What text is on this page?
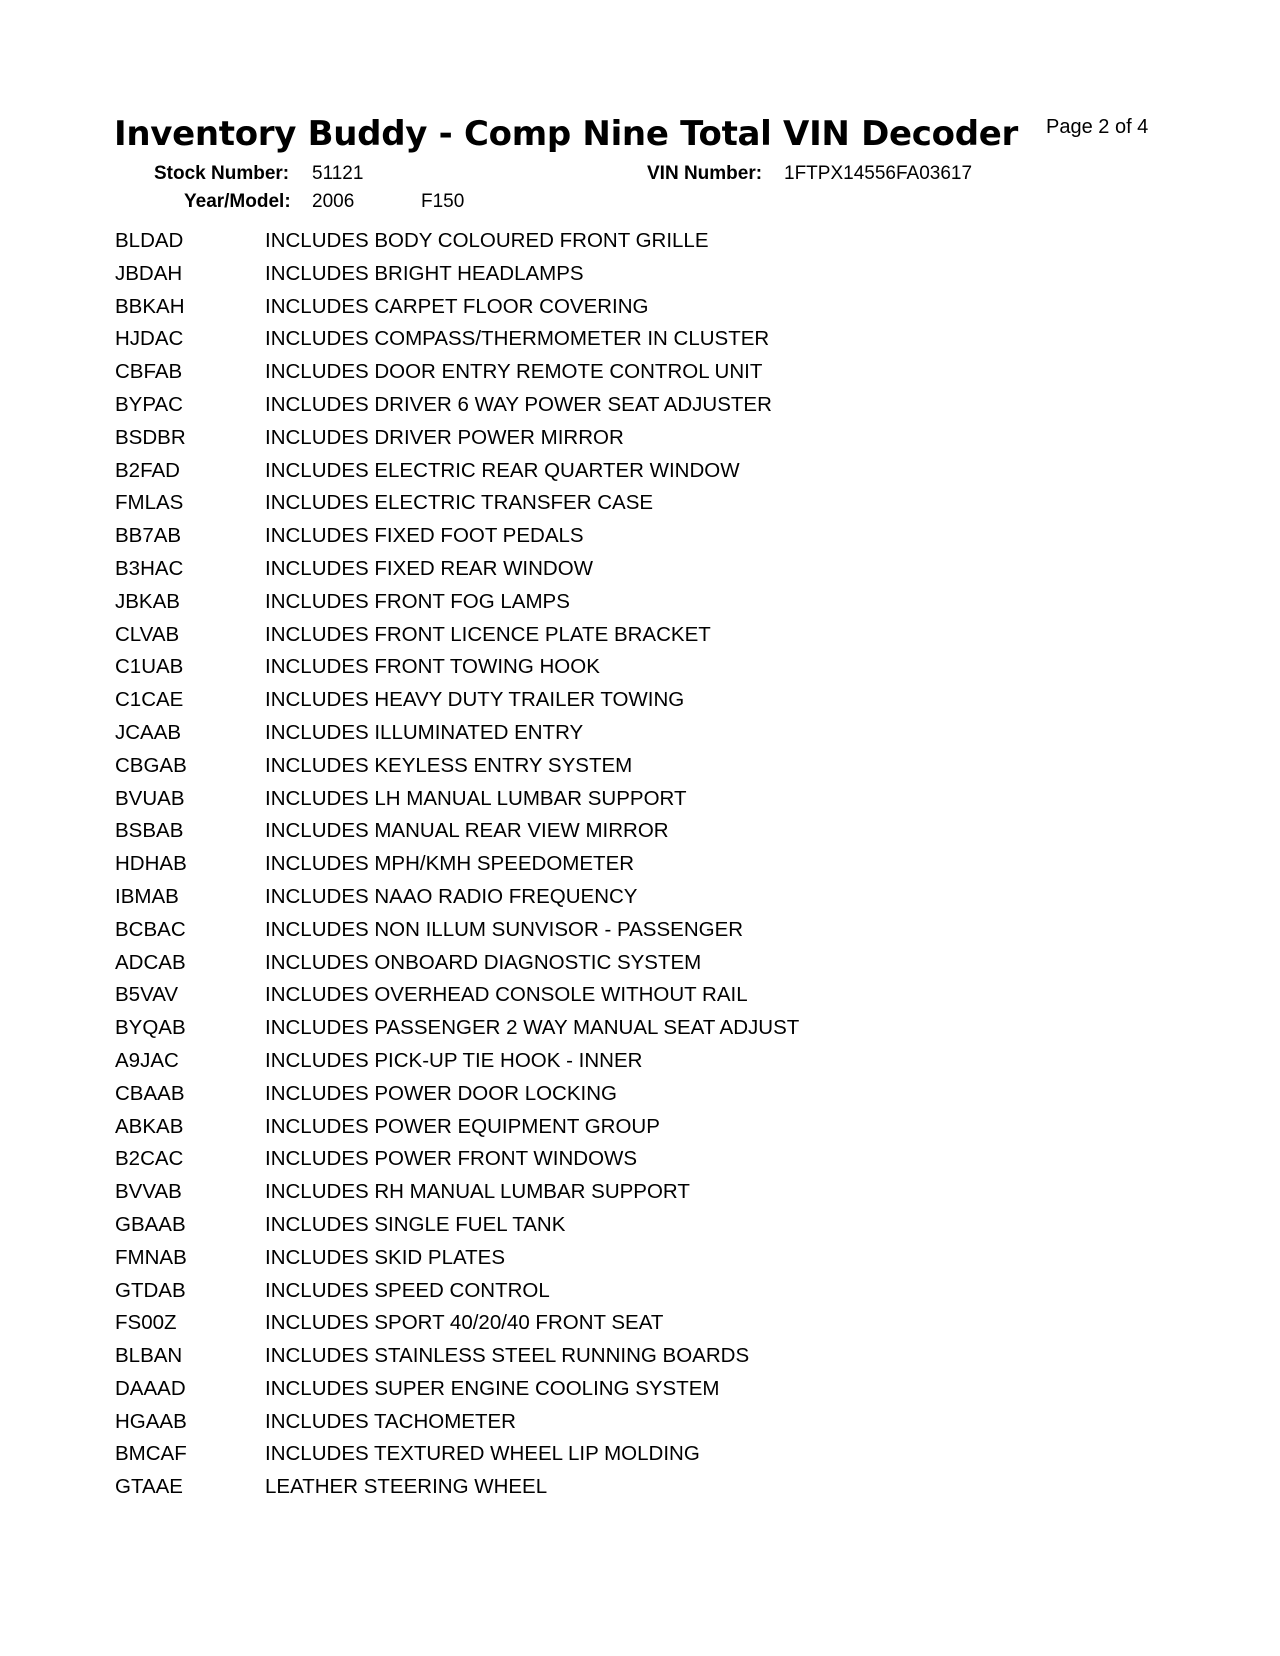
Inventory Buddy - Comp Nine Total VIN Decoder Page 2 of 4
Stock Number: 51121	VIN Number: 1FTPX14556FA03617
Year/Model: 2006	F150
BLDAD	INCLUDES BODY COLOURED FRONT GRILLE
JBDAH	INCLUDES BRIGHT HEADLAMPS
BBKAH	INCLUDES CARPET FLOOR COVERING
HJDAC	INCLUDES COMPASS/THERMOMETER IN CLUSTER
CBFAB	INCLUDES DOOR ENTRY REMOTE CONTROL UNIT
BYPAC	INCLUDES DRIVER 6 WAY POWER SEAT ADJUSTER
BSDBR	INCLUDES DRIVER POWER MIRROR
B2FAD	INCLUDES ELECTRIC REAR QUARTER WINDOW
FMLAS	INCLUDES ELECTRIC TRANSFER CASE
BB7AB	INCLUDES FIXED FOOT PEDALS
B3HAC	INCLUDES FIXED REAR WINDOW
JBKAB	INCLUDES FRONT FOG LAMPS
CLVAB	INCLUDES FRONT LICENCE PLATE BRACKET
C1UAB	INCLUDES FRONT TOWING HOOK
C1CAE	INCLUDES HEAVY DUTY TRAILER TOWING
JCAAB	INCLUDES ILLUMINATED ENTRY
CBGAB	INCLUDES KEYLESS ENTRY SYSTEM
BVUAB	INCLUDES LH MANUAL LUMBAR SUPPORT
BSBAB	INCLUDES MANUAL REAR VIEW MIRROR
HDHAB	INCLUDES MPH/KMH SPEEDOMETER
IBMAB	INCLUDES NAAO RADIO FREQUENCY
BCBAC	INCLUDES NON ILLUM SUNVISOR - PASSENGER
ADCAB	INCLUDES ONBOARD DIAGNOSTIC SYSTEM
B5VAV	INCLUDES OVERHEAD CONSOLE WITHOUT RAIL
BYQAB	INCLUDES PASSENGER 2 WAY MANUAL SEAT ADJUST
A9JAC	INCLUDES PICK-UP TIE HOOK - INNER
CBAAB	INCLUDES POWER DOOR LOCKING
ABKAB	INCLUDES POWER EQUIPMENT GROUP
B2CAC	INCLUDES POWER FRONT WINDOWS
BVVAB	INCLUDES RH MANUAL LUMBAR SUPPORT
GBAAB	INCLUDES SINGLE FUEL TANK
FMNAB	INCLUDES SKID PLATES
GTDAB	INCLUDES SPEED CONTROL
FS00Z	INCLUDES SPORT 40/20/40 FRONT SEAT
BLBAN	INCLUDES STAINLESS STEEL RUNNING BOARDS
DAAAD	INCLUDES SUPER ENGINE COOLING SYSTEM
HGAAB	INCLUDES TACHOMETER
BMCAF	INCLUDES TEXTURED WHEEL LIP MOLDING
GTAAE	LEATHER STEERING WHEEL
